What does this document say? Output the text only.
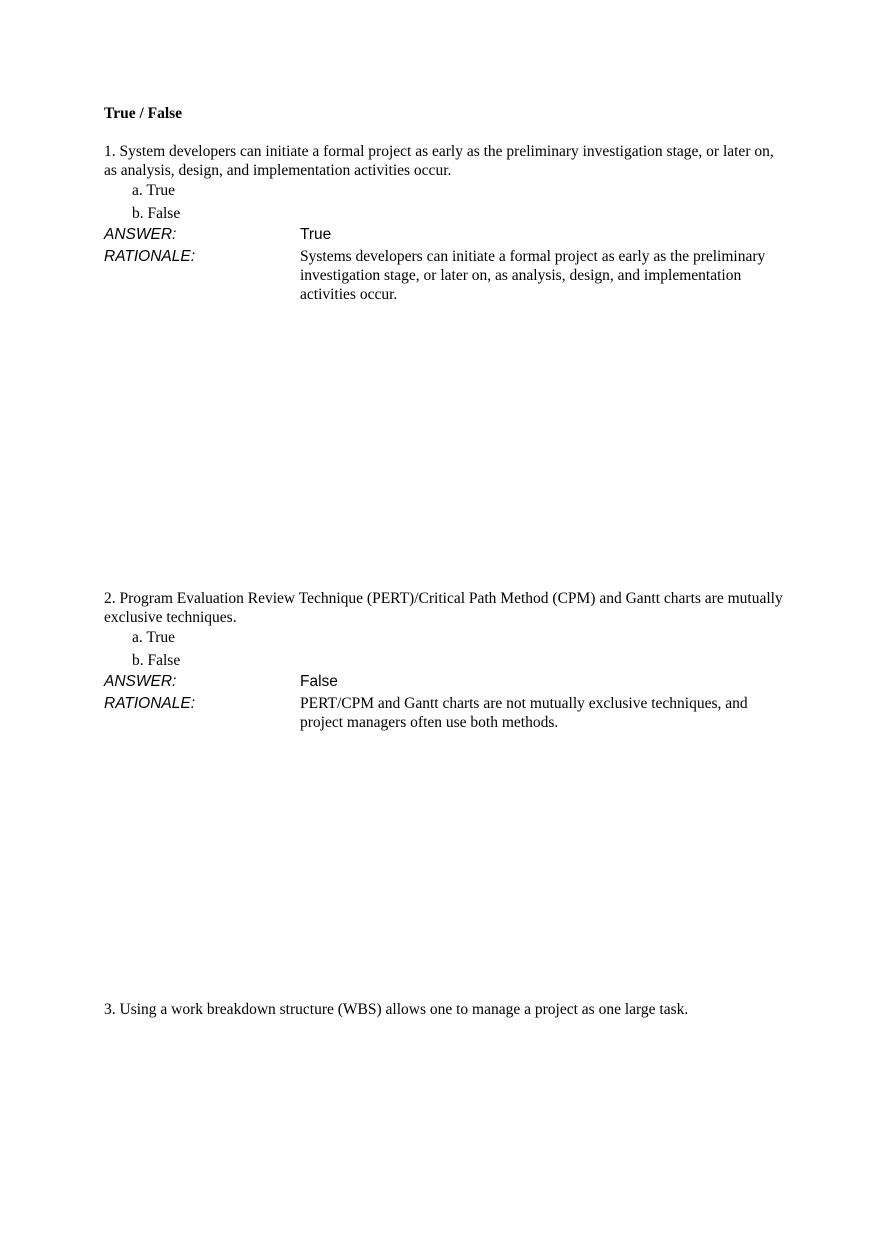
True / False

1. System developers can initiate a formal project as early as the preliminary investigation stage, or later on, as analysis, design, and implementation activities occur.

a. True
b. False
ANSWER:	True
RATIONALE:	Systems developers can initiate a formal project as early as the preliminary investigation stage, or later on, as analysis, design, and implementation activities occur.

2. Program Evaluation Review Technique (PERT)/Critical Path Method (CPM) and Gantt charts are mutually exclusive techniques.

a. True
b. False
ANSWER:	False
RATIONALE:	PERT/CPM and Gantt charts are not mutually exclusive techniques, and project managers often use both methods.

3. Using a work breakdown structure (WBS) allows one to manage a project as one large task.
